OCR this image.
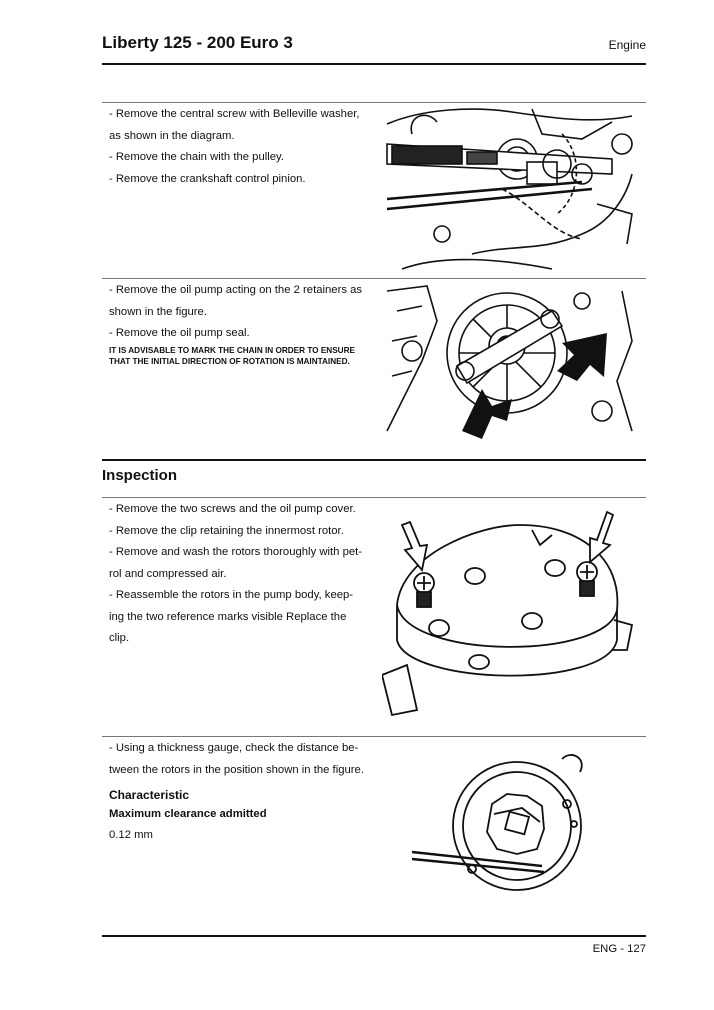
Liberty 125 - 200 Euro 3	Engine

- Remove the central screw with Belleville washer,

as shown in the diagram.

- Remove the chain with the pulley.

- Remove the crankshaft control pinion.

- Remove the oil pump acting on the 2 retainers as

shown in the figure.

- Remove the oil pump seal.

IT IS ADVISABLE TO MARK THE CHAIN IN ORDER TO ENSURE THAT THE INITIAL DIRECTION OF ROTATION IS MAINTAINED.
Inspection

- Remove the two screws and the oil pump cover.

- Remove the clip retaining the innermost rotor.

- Remove and wash the rotors thoroughly with pet-

rol and compressed air.

- Reassemble the rotors in the pump body, keep-

ing the two reference marks visible Replace the

clip.

- Using a thickness gauge, check the distance be-

tween the rotors in the position shown in the figure.

Characteristic
Maximum clearance admitted
0.12 mm
ENG - 127
